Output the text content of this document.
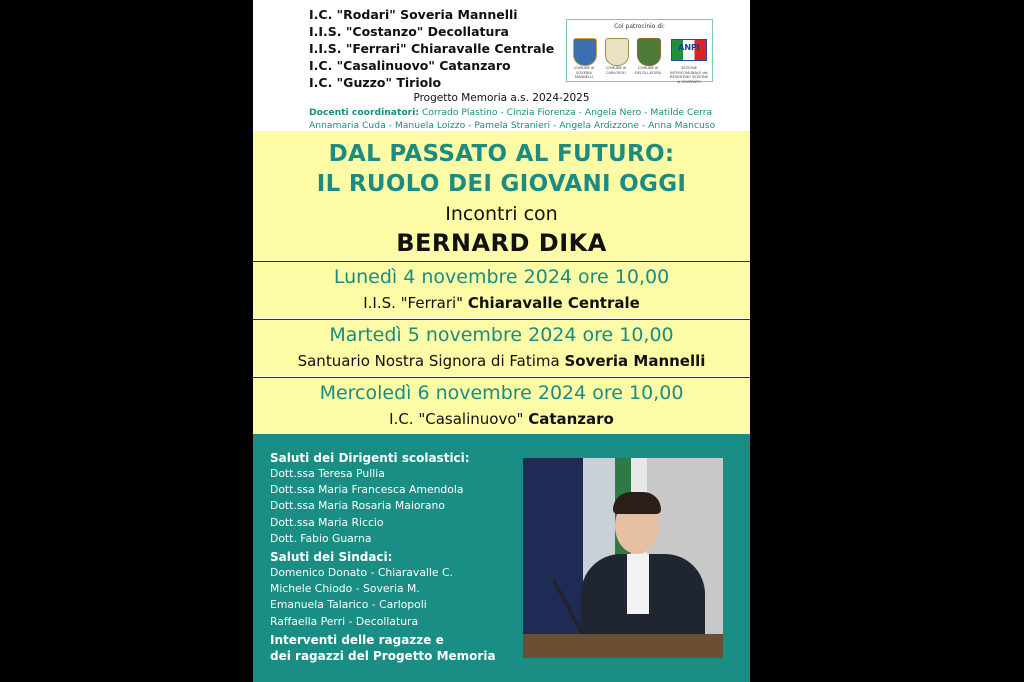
I.C. "Rodari" Soveria Mannelli
I.I.S. "Costanzo" Decollatura
I.I.S. "Ferrari" Chiaravalle Centrale
I.C. "Casalinuovo" Catanzaro
I.C. "Guzzo" Tiriolo
Col patrocinio di:
ANPI
COMUNE di SOVERIA MANNELLI
COMUNE di CARLOPOLI
COMUNE di DECOLLATURA
SEZIONE INTERCOMUNALE del REVENTINO SEZIONE di SOVERATO
Progetto Memoria a.s. 2024-2025
Docenti coordinatori: Corrado Plastino - Cinzia Fiorenza - Angela Nero - Matilde Cerra
Annamaria Cuda - Manuela Loizzo - Pamela Stranieri - Angela Ardizzone - Anna Mancuso
DAL PASSATO AL FUTURO:
IL RUOLO DEI GIOVANI OGGI
Incontri con
BERNARD DIKA
Lunedì 4 novembre 2024 ore 10,00
I.I.S. "Ferrari" Chiaravalle Centrale
Martedì 5 novembre 2024 ore 10,00
Santuario Nostra Signora di Fatima Soveria Mannelli
Mercoledì 6 novembre 2024 ore 10,00
I.C. "Casalinuovo" Catanzaro
Saluti dei Dirigenti scolastici:
Dott.ssa Teresa Pullia
Dott.ssa Maria Francesca Amendola
Dott.ssa Maria Rosaria Maiorano
Dott.ssa Maria Riccio
Dott. Fabio Guarna
Saluti dei Sindaci:
Domenico Donato - Chiaravalle C.
Michele Chiodo - Soveria M.
Emanuela Talarico - Carlopoli
Raffaella Perri - Decollatura
Interventi delle ragazze e
dei ragazzi del Progetto Memoria
